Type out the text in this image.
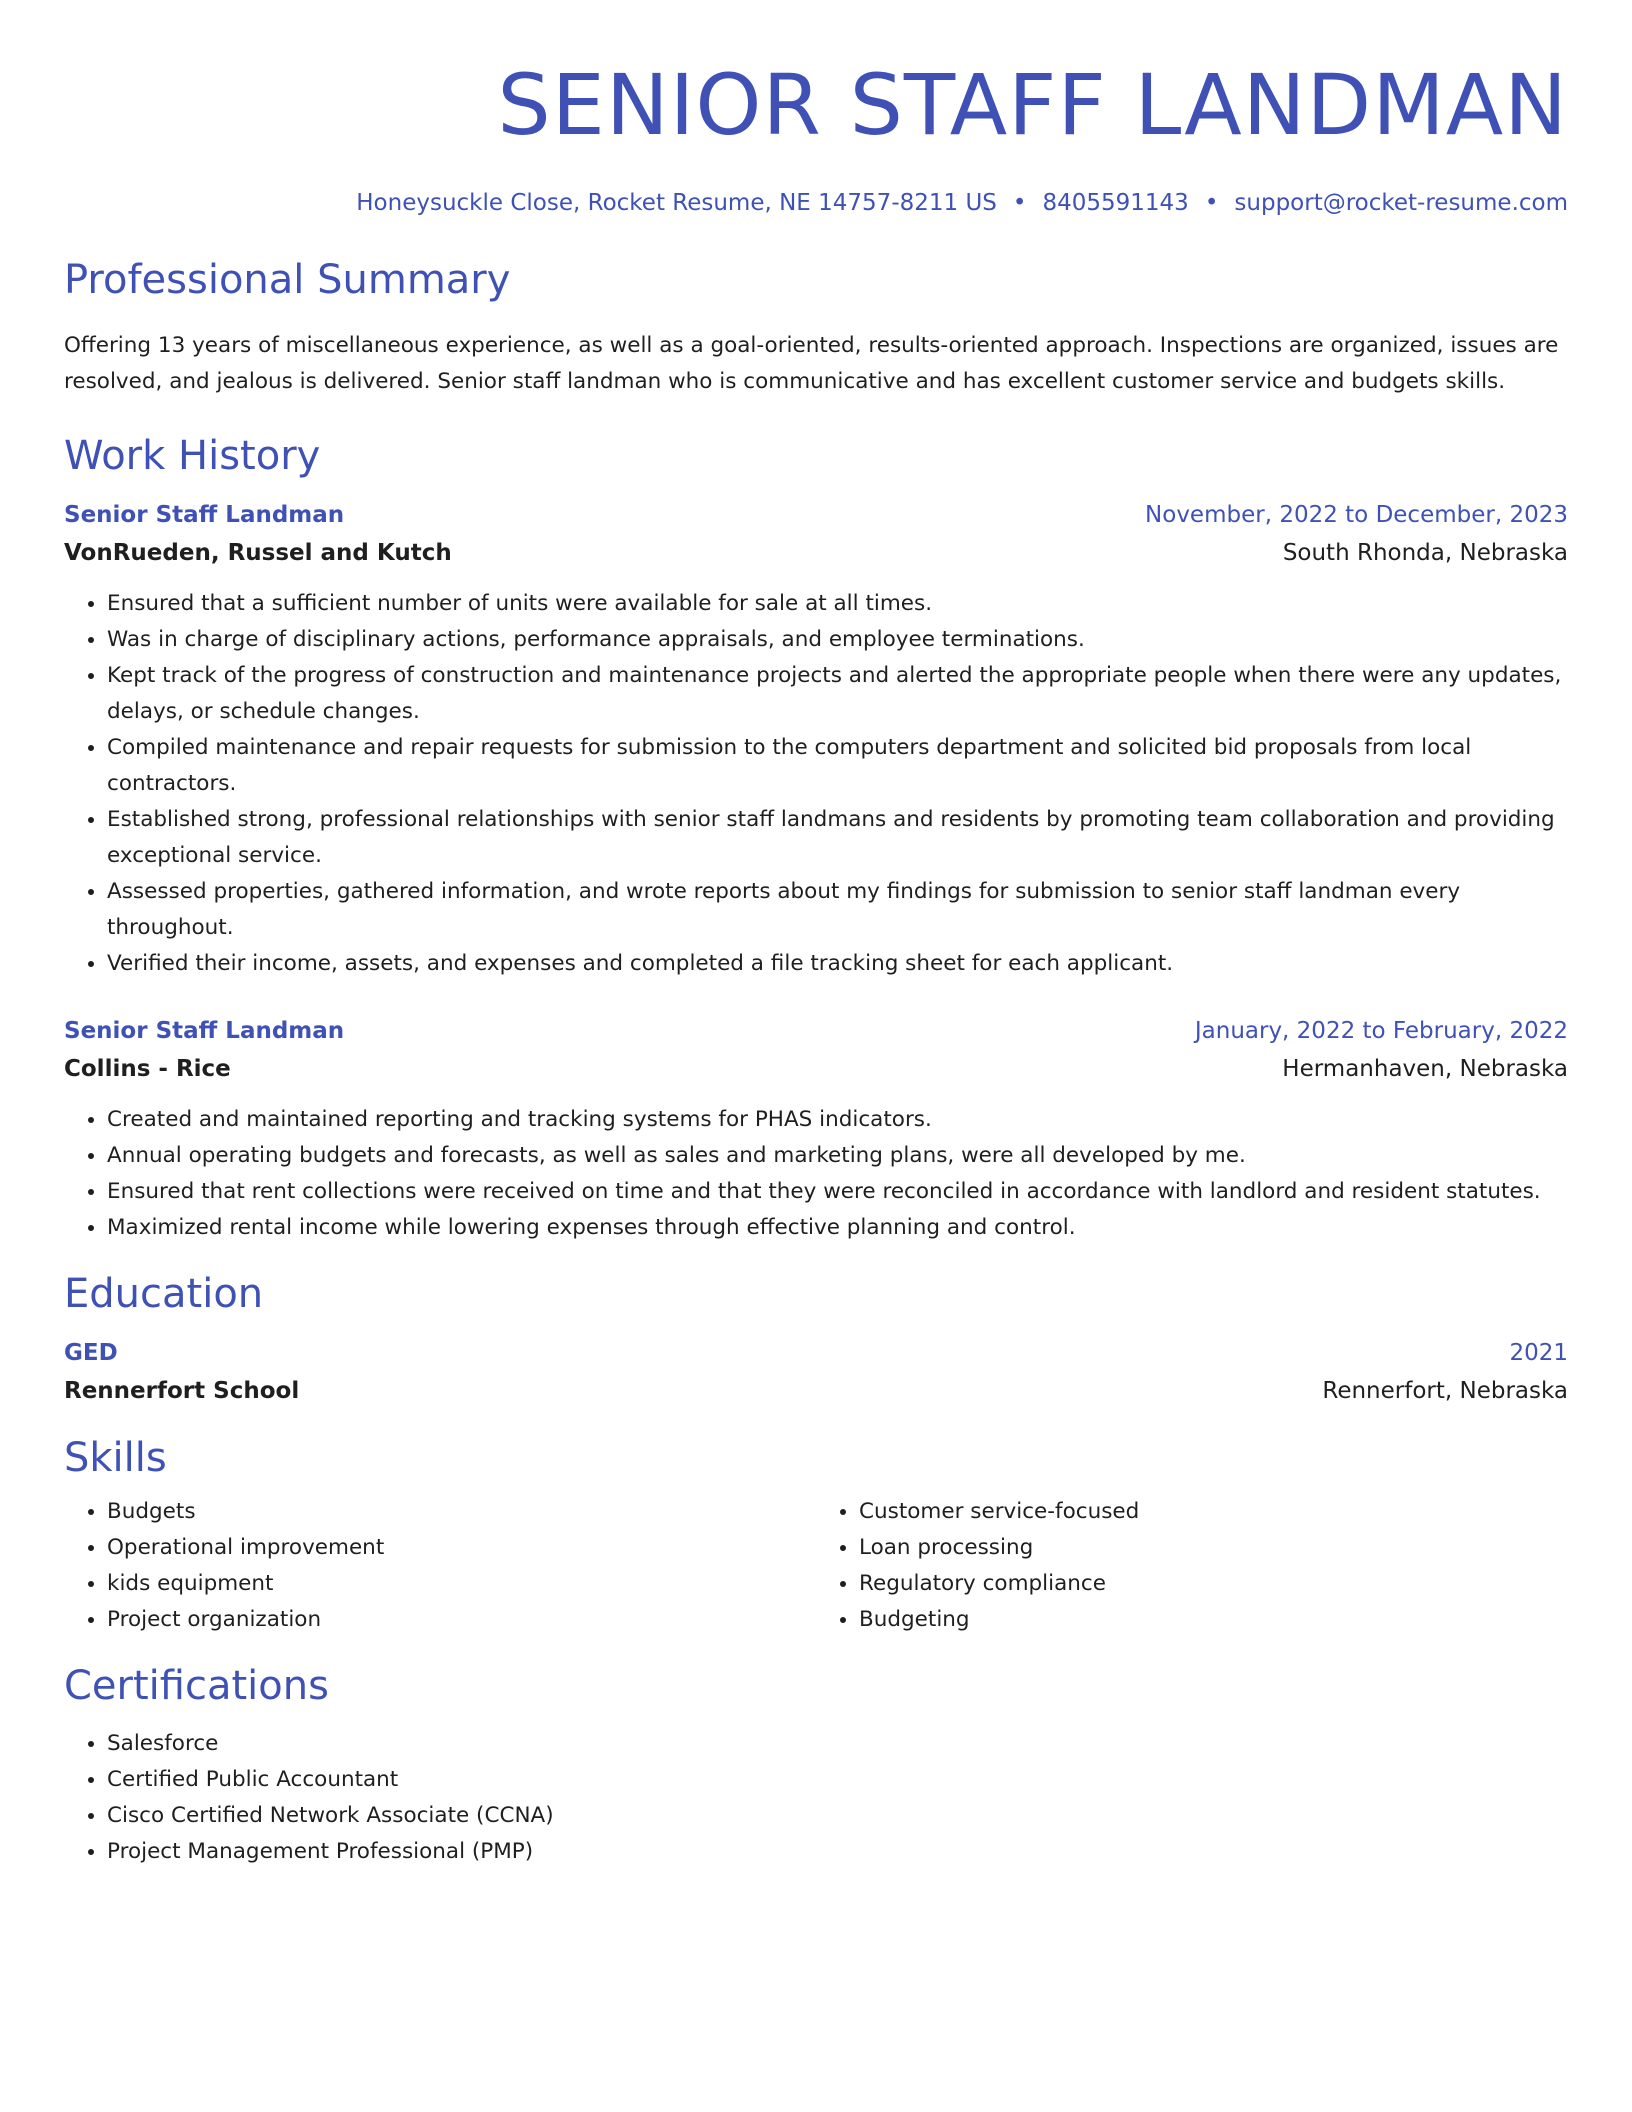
SENIOR STAFF LANDMAN
Honeysuckle Close, Rocket Resume, NE 14757-8211 US • 8405591143 • support@rocket-resume.com
Professional Summary
Offering 13 years of miscellaneous experience, as well as a goal-oriented, results-oriented approach. Inspections are organized, issues are resolved, and jealous is delivered. Senior staff landman who is communicative and has excellent customer service and budgets skills.
Work History
Senior Staff Landman	November, 2022 to December, 2023
VonRueden, Russel and Kutch	South Rhonda, Nebraska
• Ensured that a sufficient number of units were available for sale at all times.
• Was in charge of disciplinary actions, performance appraisals, and employee terminations.
• Kept track of the progress of construction and maintenance projects and alerted the appropriate people when there were any updates, delays, or schedule changes.
• Compiled maintenance and repair requests for submission to the computers department and solicited bid proposals from local contractors.
• Established strong, professional relationships with senior staff landmans and residents by promoting team collaboration and providing exceptional service.
• Assessed properties, gathered information, and wrote reports about my findings for submission to senior staff landman every throughout.
• Verified their income, assets, and expenses and completed a file tracking sheet for each applicant.
Senior Staff Landman	January, 2022 to February, 2022
Collins - Rice	Hermanhaven, Nebraska
• Created and maintained reporting and tracking systems for PHAS indicators.
• Annual operating budgets and forecasts, as well as sales and marketing plans, were all developed by me.
• Ensured that rent collections were received on time and that they were reconciled in accordance with landlord and resident statutes.
• Maximized rental income while lowering expenses through effective planning and control.
Education
GED	2021
Rennerfort School	Rennerfort, Nebraska
Skills
• Budgets
• Operational improvement
• kids equipment
• Project organization
• Customer service-focused
• Loan processing
• Regulatory compliance
• Budgeting
Certifications
• Salesforce
• Certified Public Accountant
• Cisco Certified Network Associate (CCNA)
• Project Management Professional (PMP)
